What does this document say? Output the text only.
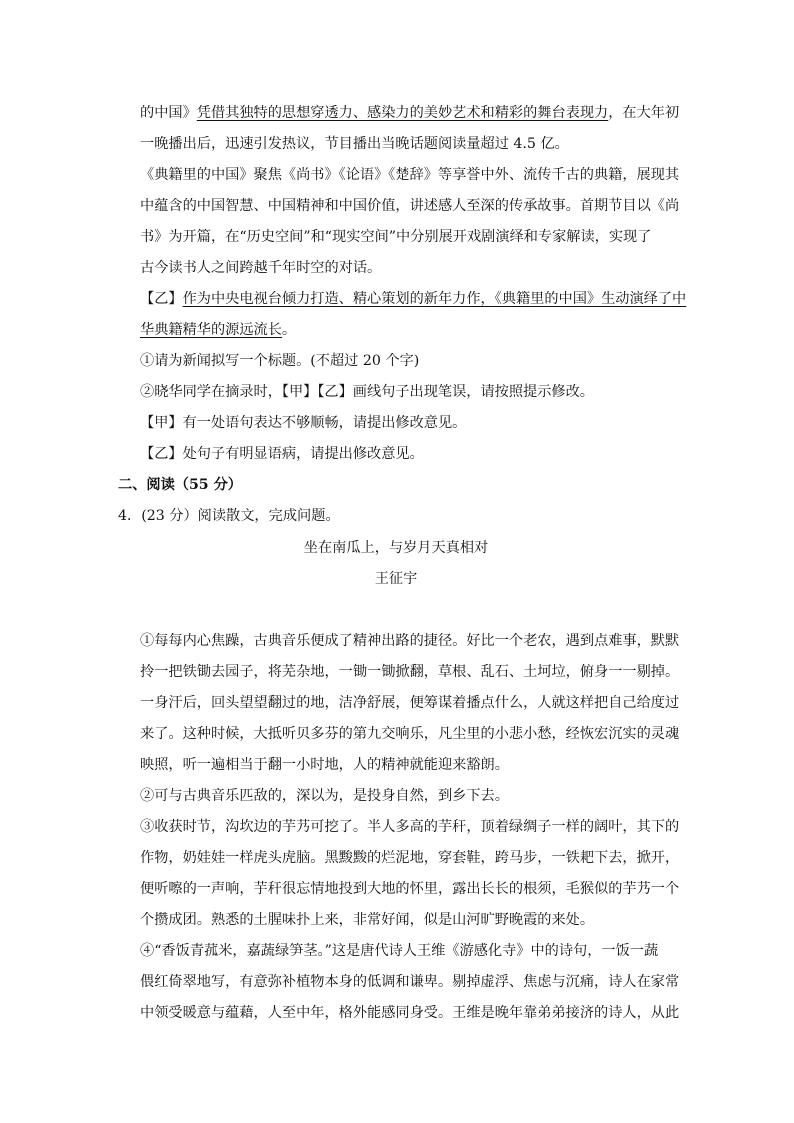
的中国》凭借其独特的思想穿透力、感染力的美妙艺术和精彩的舞台表现力，在大年初
一晚播出后，迅速引发热议，节目播出当晚话题阅读量超过 4.5 亿。
《典籍里的中国》聚焦《尚书》《论语》《楚辞》等享誉中外、流传千古的典籍，展现其
中蕴含的中国智慧、中国精神和中国价值，讲述感人至深的传承故事。首期节目以《尚
书》为开篇，在“历史空间”和“现实空间”中分别展开戏剧演绎和专家解读，实现了
古今读书人之间跨越千年时空的对话。
【乙】作为中央电视台倾力打造、精心策划的新年力作，《典籍里的中国》生动演绎了中
华典籍精华的源远流长。
①请为新闻拟写一个标题。(不超过 20 个字)
②晓华同学在摘录时，【甲】【乙】画线句子出现笔误，请按照提示修改。
【甲】有一处语句表达不够顺畅，请提出修改意见。
【乙】处句子有明显语病，请提出修改意见。
二、阅读（55 分）
4．(23 分）阅读散文，完成问题。
坐在南瓜上，与岁月天真相对
王征宇
①每每内心焦躁，古典音乐便成了精神出路的捷径。好比一个老农，遇到点难事，默默
拎一把铁锄去园子，将芜杂地，一锄一锄掀翻，草根、乱石、土坷垃，俯身一一剔掉。
一身汗后，回头望望翻过的地，洁净舒展，便筹谋着播点什么，人就这样把自己给度过
来了。这种时候，大抵听贝多芬的第九交响乐，凡尘里的小悲小愁，经恢宏沉实的灵魂
映照，听一遍相当于翻一小时地，人的精神就能迎来豁朗。
②可与古典音乐匹敌的，深以为，是投身自然，到乡下去。
③收获时节，沟坎边的芋艿可挖了。半人多高的芋秆，顶着绿绸子一样的阔叶，其下的
作物，奶娃娃一样虎头虎脑。黑黢黢的烂泥地，穿套鞋，跨马步，一铁耙下去，掀开，
便听嚓的一声响，芋秆很忘情地投到大地的怀里，露出长长的根须，毛猴似的芋艿一个
个攒成团。熟悉的土腥味扑上来，非常好闻，似是山河旷野晚霞的来处。
④“香饭青菰米，嘉蔬绿笋茎。”这是唐代诗人王维《游感化寺》中的诗句，一饭一蔬
偎红倚翠地写，有意弥补植物本身的低调和谦卑。剔掉虚浮、焦虑与沉痛，诗人在家常
中领受暖意与蕴藉，人至中年，格外能感同身受。王维是晚年靠弟弟接济的诗人，从此
